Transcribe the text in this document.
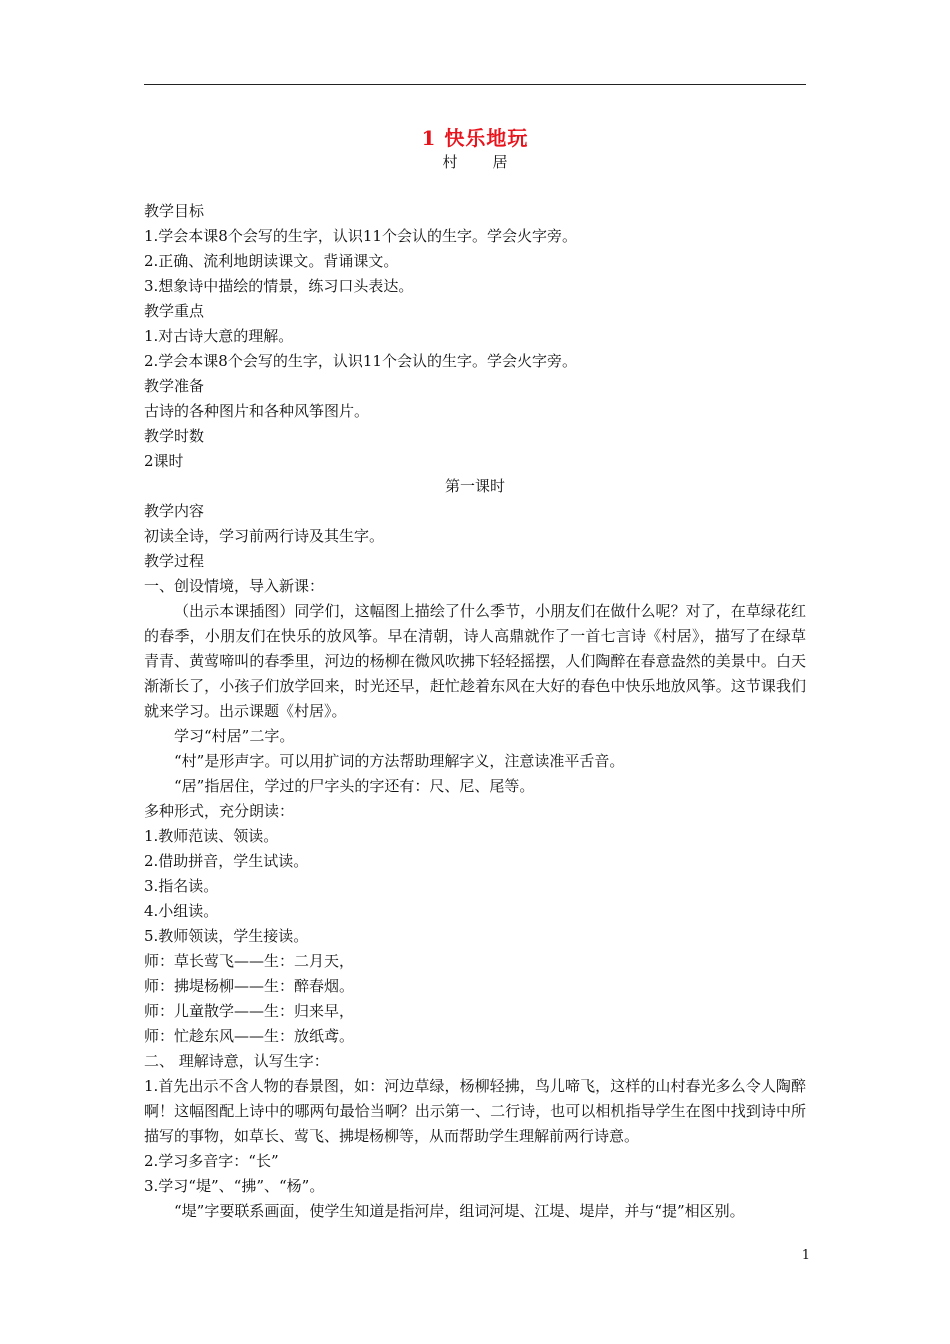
1 快乐地玩
村 居
教学目标
1.学会本课8个会写的生字，认识11个会认的生字。学会火字旁。
2.正确、流利地朗读课文。背诵课文。
3.想象诗中描绘的情景，练习口头表达。
教学重点
1.对古诗大意的理解。
2.学会本课8个会写的生字，认识11个会认的生字。学会火字旁。
教学准备
古诗的各种图片和各种风筝图片。
教学时数
2课时
第一课时
教学内容
初读全诗，学习前两行诗及其生字。
教学过程
一、创设情境，导入新课：
（出示本课插图）同学们，这幅图上描绘了什么季节，小朋友们在做什么呢？对了，在草绿花红的春季，小朋友们在快乐的放风筝。早在清朝，诗人高鼎就作了一首七言诗《村居》，描写了在绿草青青、黄莺啼叫的春季里，河边的杨柳在微风吹拂下轻轻摇摆，人们陶醉在春意盎然的美景中。白天渐渐长了，小孩子们放学回来，时光还早，赶忙趁着东风在大好的春色中快乐地放风筝。这节课我们就来学习。出示课题《村居》。
学习“村居”二字。
“村”是形声字。可以用扩词的方法帮助理解字义，注意读准平舌音。
“居”指居住，学过的尸字头的字还有：尺、尼、尾等。
多种形式，充分朗读：
1.教师范读、领读。
2.借助拼音，学生试读。
3.指名读。
4.小组读。
5.教师领读，学生接读。
师：草长莺飞——生：二月天，
师：拂堤杨柳——生：醉春烟。
师：儿童散学——生：归来早，
师：忙趁东风——生：放纸鸢。
二、 理解诗意，认写生字：
1.首先出示不含人物的春景图，如：河边草绿，杨柳轻拂，鸟儿啼飞，这样的山村春光多么令人陶醉啊！这幅图配上诗中的哪两句最恰当啊？出示第一、二行诗，也可以相机指导学生在图中找到诗中所描写的事物，如草长、莺飞、拂堤杨柳等，从而帮助学生理解前两行诗意。
2.学习多音字：“长”
3.学习“堤”、“拂”、“杨”。
“堤”字要联系画面，使学生知道是指河岸，组词河堤、江堤、堤岸，并与“提”相区别。
1
